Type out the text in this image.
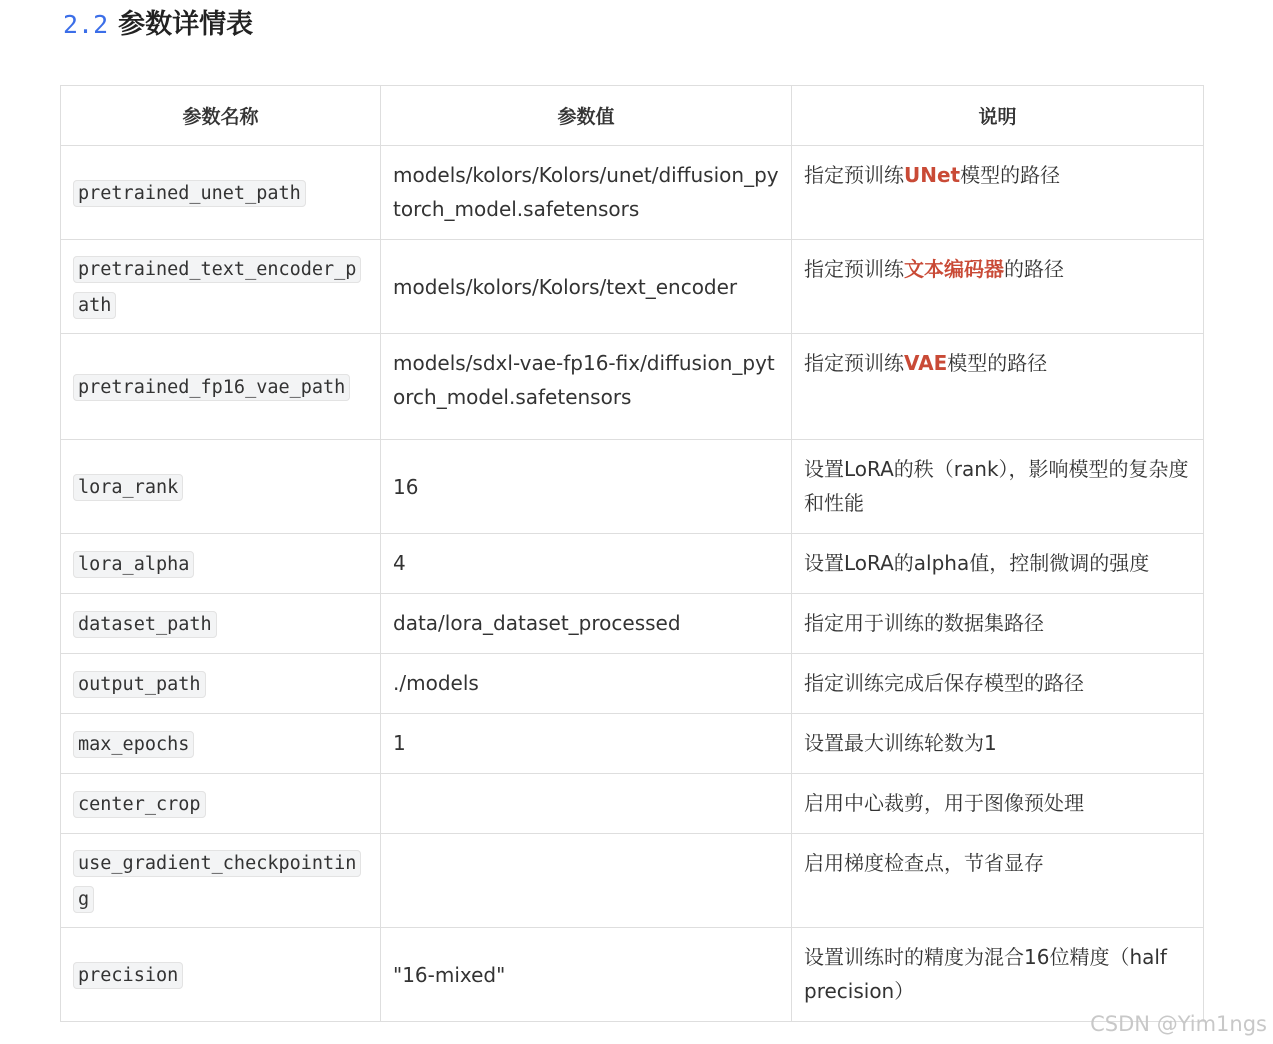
2.2 参数详情表
参数名称	参数值	说明
pretrained_unet_path	models/kolors/Kolors/unet/diffusion_pytorch_model.safetensors	指定预训练UNet模型的路径
pretrained_text_encoder_path	models/kolors/Kolors/text_encoder	指定预训练文本编码器的路径
pretrained_fp16_vae_path	models/sdxl-vae-fp16-fix/diffusion_pytorch_model.safetensors	指定预训练VAE模型的路径
lora_rank	16	设置LoRA的秩（rank），影响模型的复杂度和性能
lora_alpha	4	设置LoRA的alpha值，控制微调的强度
dataset_path	data/lora_dataset_processed	指定用于训练的数据集路径
output_path	./models	指定训练完成后保存模型的路径
max_epochs	1	设置最大训练轮数为1
center_crop		启用中心裁剪，用于图像预处理
use_gradient_checkpointing		启用梯度检查点，节省显存
precision	"16-mixed"	设置训练时的精度为混合16位精度（half precision）
CSDN @Yim1ngs
